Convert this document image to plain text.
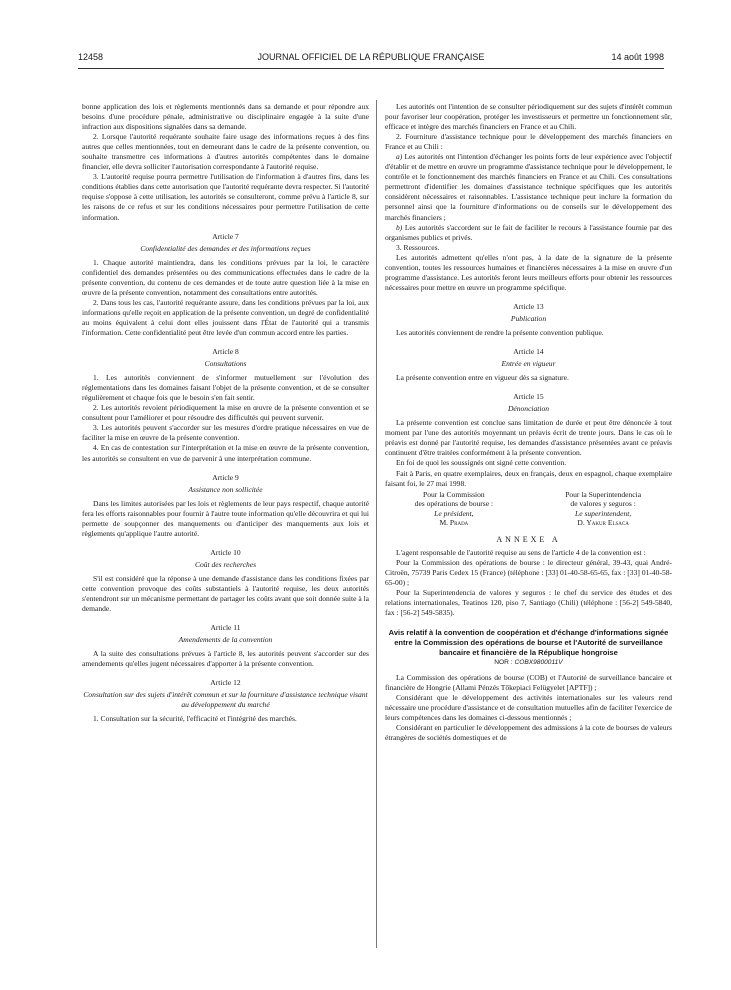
12458	JOURNAL OFFICIEL DE LA RÉPUBLIQUE FRANÇAISE	14 août 1998

bonne application des lois et règlements mentionnés dans sa demande et pour répondre aux besoins d'une procédure pénale, administrative ou disciplinaire engagée à la suite d'une infraction aux dispositions signalées dans sa demande.

2. Lorsque l'autorité requérante souhaite faire usage des informations reçues à des fins autres que celles mentionnées, tout en demeurant dans le cadre de la présente convention, ou souhaite transmettre ces informations à d'autres autorités compétentes dans le domaine financier, elle devra solliciter l'autorisation correspondante à l'autorité requise.

3. L'autorité requise pourra permettre l'utilisation de l'information à d'autres fins, dans les conditions établies dans cette autorisation que l'autorité requérante devra respecter. Si l'autorité requise s'oppose à cette utilisation, les autorités se consulteront, comme prévu à l'article 8, sur les raisons de ce refus et sur les conditions nécessaires pour permettre l'utilisation de cette information.

Article 7
Confidentialité des demandes et des informations reçues

1. Chaque autorité maintiendra, dans les conditions prévues par la loi, le caractère confidentiel des demandes présentées ou des communications effectuées dans le cadre de la présente convention, du contenu de ces demandes et de toute autre question liée à la mise en œuvre de la présente convention, notamment des consultations entre autorités.

2. Dans tous les cas, l'autorité requérante assure, dans les conditions prévues par la loi, aux informations qu'elle reçoit en application de la présente convention, un degré de confidentialité au moins équivalent à celui dont elles jouissent dans l'État de l'autorité qui a transmis l'information. Cette confidentialité peut être levée d'un commun accord entre les parties.

Article 8
Consultations

1. Les autorités conviennent de s'informer mutuellement sur l'évolution des réglementations dans les domaines faisant l'objet de la présente convention, et de se consulter régulièrement et chaque fois que le besoin s'en fait sentir.

2. Les autorités revoient périodiquement la mise en œuvre de la présente convention et se consultent pour l'améliorer et pour résoudre des difficultés qui peuvent survenir.

3. Les autorités peuvent s'accorder sur les mesures d'ordre pratique nécessaires en vue de faciliter la mise en œuvre de la présente convention.

4. En cas de contestation sur l'interprétation et la mise en œuvre de la présente convention, les autorités se consultent en vue de parvenir à une interprétation commune.

Article 9
Assistance non sollicitée

Dans les limites autorisées par les lois et règlements de leur pays respectif, chaque autorité fera les efforts raisonnables pour fournir à l'autre toute information qu'elle découvrira et qui lui permette de soupçonner des manquements ou d'anticiper des manquements aux lois et règlements qu'applique l'autre autorité.

Article 10
Coût des recherches

S'il est considéré que la réponse à une demande d'assistance dans les conditions fixées par cette convention provoque des coûts substantiels à l'autorité requise, les deux autorités s'entendront sur un mécanisme permettant de partager les coûts avant que soit donnée suite à la demande.

Article 11
Amendements de la convention

A la suite des consultations prévues à l'article 8, les autorités peuvent s'accorder sur des amendements qu'elles jugent nécessaires d'apporter à la présente convention.

Article 12
Consultation sur des sujets d'intérêt commun et sur la fourniture d'assistance technique visant au développement du marché

1. Consultation sur la sécurité, l'efficacité et l'intégrité des marchés.

Les autorités ont l'intention de se consulter périodiquement sur des sujets d'intérêt commun pour favoriser leur coopération, protéger les investisseurs et permettre un fonctionnement sûr, efficace et intègre des marchés financiers en France et au Chili.

2. Fourniture d'assistance technique pour le développement des marchés financiers en France et au Chili :

a) Les autorités ont l'intention d'échanger les points forts de leur expérience avec l'objectif d'établir et de mettre en œuvre un programme d'assistance technique pour le développement, le contrôle et le fonctionnement des marchés financiers en France et au Chili. Ces consultations permettront d'identifier les domaines d'assistance technique spécifiques que les autorités considèrent nécessaires et raisonnables. L'assistance technique peut inclure la formation du personnel ainsi que la fourniture d'informations ou de conseils sur le développement des marchés financiers ;

b) Les autorités s'accordent sur le fait de faciliter le recours à l'assistance fournie par des organismes publics et privés.

3. Ressources.

Les autorités admettent qu'elles n'ont pas, à la date de la signature de la présente convention, toutes les ressources humaines et financières nécessaires à la mise en œuvre d'un programme d'assistance. Les autorités feront leurs meilleurs efforts pour obtenir les ressources nécessaires pour mettre en œuvre un programme spécifique.

Article 13
Publication

Les autorités conviennent de rendre la présente convention publique.

Article 14
Entrée en vigueur

La présente convention entre en vigueur dès sa signature.

Article 15
Dénonciation

La présente convention est conclue sans limitation de durée et peut être dénoncée à tout moment par l'une des autorités moyennant un préavis écrit de trente jours. Dans le cas où le préavis est donné par l'autorité requise, les demandes d'assistance présentées avant ce préavis continuent d'être traitées conformément à la présente convention.

En foi de quoi les soussignés ont signé cette convention.

Fait à Paris, en quatre exemplaires, deux en français, deux en espagnol, chaque exemplaire faisant foi, le 27 mai 1998.

Pour la Commission
des opérations de bourse :
Le président,
M. Prada
Pour la Superintendencia
de valores y seguros :
Le superintendent,
D. Yakur Elsaca
ANNEXE A

L'agent responsable de l'autorité requise au sens de l'article 4 de la convention est :

Pour la Commission des opérations de bourse : le directeur général, 39-43, quai André-Citroën, 75739 Paris Cedex 15 (France) (téléphone : [33] 01-40-58-65-65, fax : [33] 01-40-58-65-00) ;

Pour la Superintendencia de valores y seguros : le chef du service des études et des relations internationales, Teatinos 120, piso 7, Santiago (Chili) (téléphone : [56-2] 549-5840, fax : [56-2] 549-5835).

Avis relatif à la convention de coopération et d'échange d'informations signée entre la Commission des opérations de bourse et l'Autorité de surveillance bancaire et financière de la République hongroise
NOR : COBX9800011V

La Commission des opérations de bourse (COB) et l'Autorité de surveillance bancaire et financière de Hongrie (Allami Pénzés Tőkepiaci Felügyelet [APTF]) ;

Considérant que le développement des activités internationales sur les valeurs rend nécessaire une procédure d'assistance et de consultation mutuelles afin de faciliter l'exercice de leurs compétences dans les domaines ci-dessous mentionnés ;

Considérant en particulier le développement des admissions à la cote de bourses de valeurs étrangères de sociétés domestiques et de
